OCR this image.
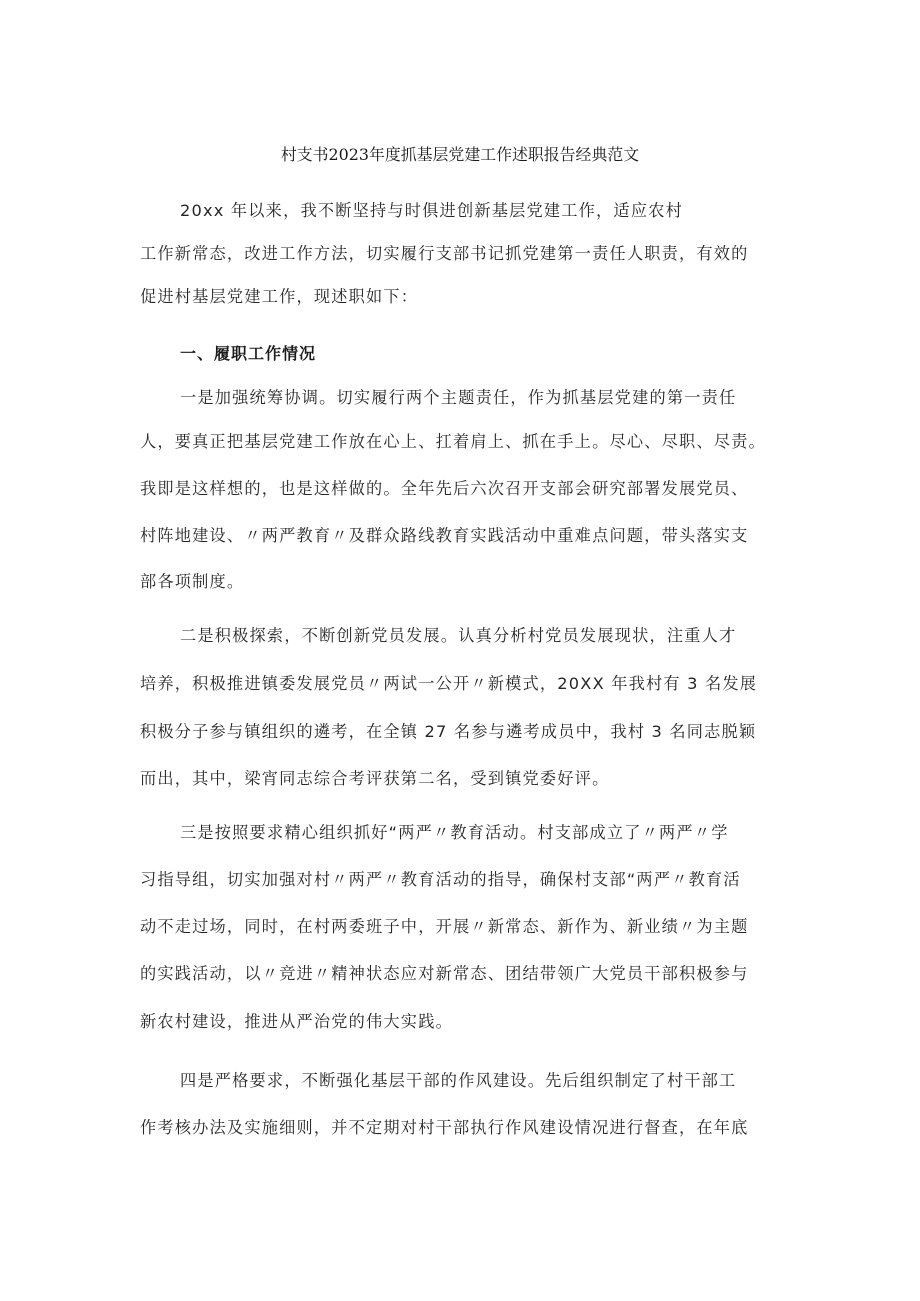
村支书2023年度抓基层党建工作述职报告经典范文
20xx 年以来，我不断坚持与时俱进创新基层党建工作，适应农村
工作新常态，改进工作方法，切实履行支部书记抓党建第一责任人职责，有效的
促进村基层党建工作，现述职如下：
一、履职工作情况
一是加强统筹协调。切实履行两个主题责任，作为抓基层党建的第一责任
人，要真正把基层党建工作放在心上、扛着肩上、抓在手上。尽心、尽职、尽责。
我即是这样想的，也是这样做的。全年先后六次召开支部会研究部署发展党员、
村阵地建设、〃两严教育〃及群众路线教育实践活动中重难点问题，带头落实支
部各项制度。
二是积极探索，不断创新党员发展。认真分析村党员发展现状，注重人才
培养，积极推进镇委发展党员〃两试一公开〃新模式，20XX 年我村有 3 名发展
积极分子参与镇组织的遴考，在全镇 27 名参与遴考成员中，我村 3 名同志脱颖
而出，其中，梁宵同志综合考评获第二名，受到镇党委好评。
三是按照要求精心组织抓好“两严〃教育活动。村支部成立了〃两严〃学
习指导组，切实加强对村〃两严〃教育活动的指导，确保村支部“两严〃教育活
动不走过场，同时，在村两委班子中，开展〃新常态、新作为、新业绩〃为主题
的实践活动，以〃竞进〃精神状态应对新常态、团结带领广大党员干部积极参与
新农村建设，推进从严治党的伟大实践。
四是严格要求，不断强化基层干部的作风建设。先后组织制定了村干部工
作考核办法及实施细则，并不定期对村干部执行作风建设情况进行督查，在年底
